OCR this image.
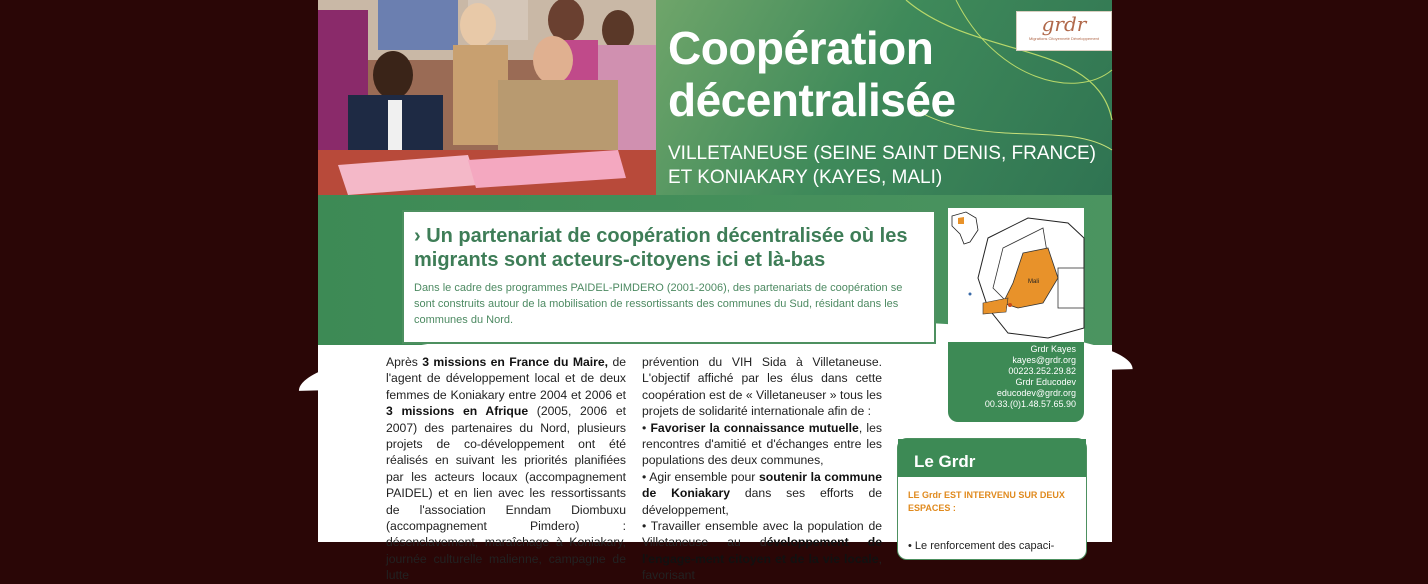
Coopération
décentralisée
VILLETANEUSE (SEINE SAINT DENIS, FRANCE)
ET KONIAKARY (KAYES, MALI)
grdr
Migrations Citoyenneté Développement
› Un partenariat de coopération décentralisée où les migrants sont acteurs-citoyens ici et là-bas
Dans le cadre des programmes PAIDEL-PIMDERO (2001-2006), des partenariats de coopération se sont construits autour de la mobilisation de ressortissants des communes du Sud, résidant dans les communes du Nord.
Mali
Grdr Kayes
kayes@grdr.org
00223.252.29.82
Grdr Educodev
educodev@grdr.org
00.33.(0)1.48.57.65.90
Après 3 missions en France du Maire, de l'agent de développement local et de deux femmes de Koniakary entre 2004 et 2006 et 3 missions en Afrique (2005, 2006 et 2007) des partenaires du Nord, plusieurs projets de co-développement ont été réalisés en suivant les priorités planifiées par les acteurs locaux (accompagnement PAIDEL) et en lien avec les ressortissants de l'association Enndam Diombuxu (accompagnement Pimdero) : désenclavement, maraîchage à Koniakary, journée culturelle malienne, campagne de lutte
prévention du VIH Sida à Villetaneuse. L'objectif affiché par les élus dans cette coopération est de « Villetaneuser » tous les projets de solidarité internationale afin de :
• Favoriser la connaissance mutuelle, les rencontres d'amitié et d'échanges entre les populations des deux communes,
• Agir ensemble pour soutenir la commune de Koniakary dans ses efforts de développement,
• Travailler ensemble avec la population de Villetaneuse au développement de l'engage-ment citoyen et de la vie locale, favorisant
Le Grdr
LE Grdr EST INTERVENU SUR DEUX ESPACES :
• Le renforcement des capaci-
